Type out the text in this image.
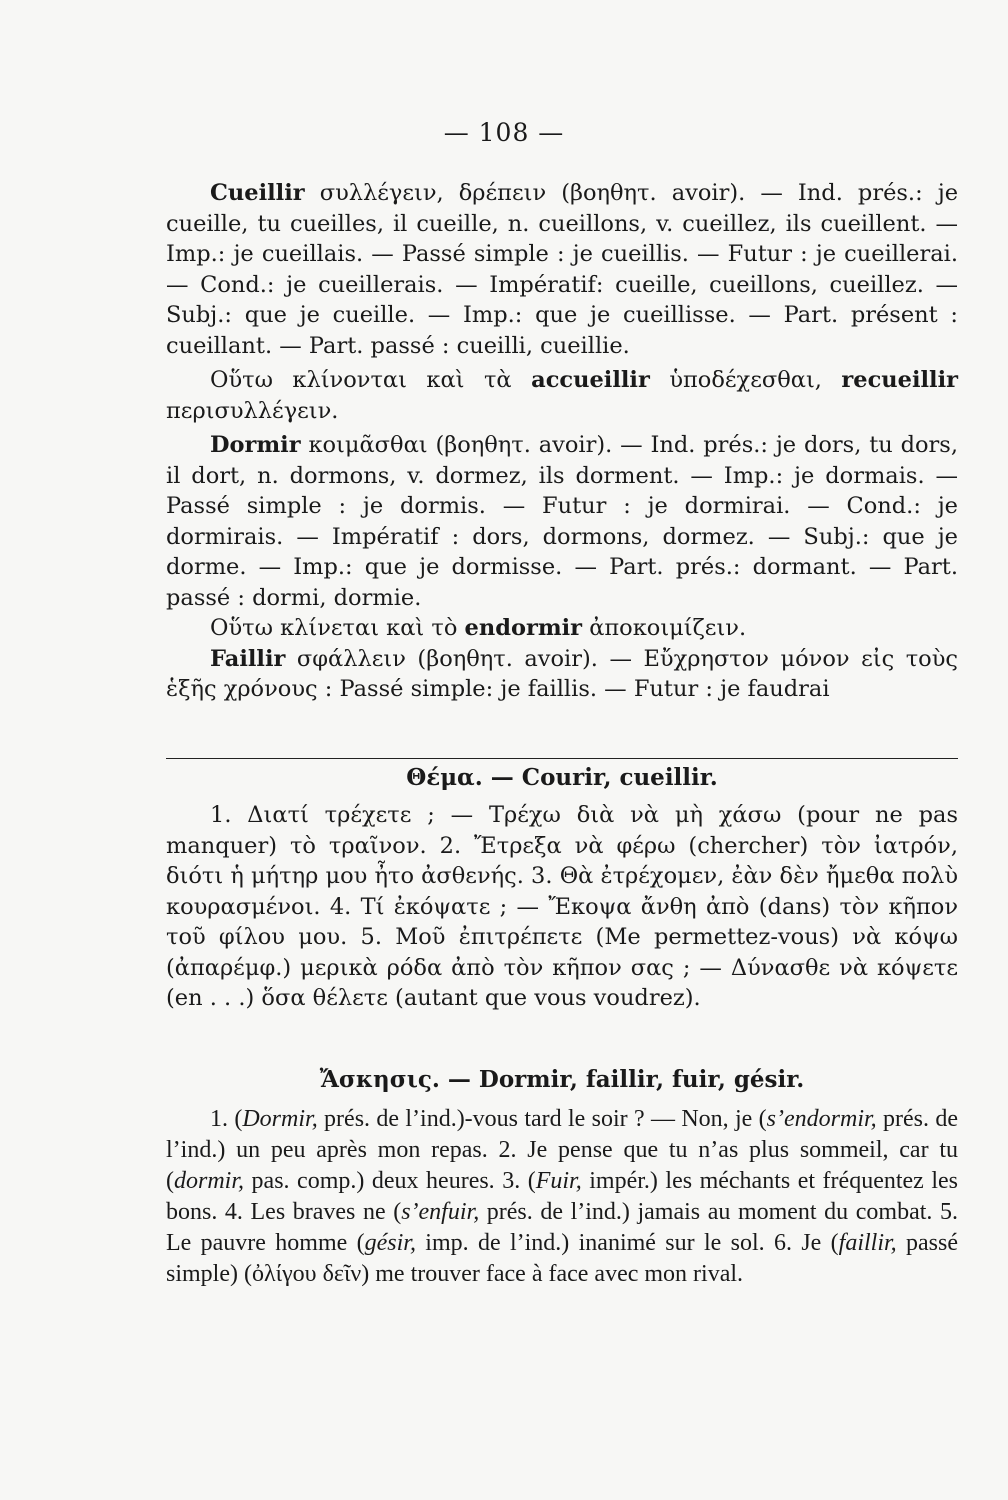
— 108 —

Cueillir συλλέγειν, δρέπειν (βοηθητ. avoir). — Ind. prés.: je cueille, tu cueilles, il cueille, n. cueillons, v. cueillez, ils cueillent. — Imp.: je cueillais. — Passé simple : je cueillis. — Futur : je cueillerai. — Cond.: je cueillerais. — Impératif: cueille, cueillons, cueillez. — Subj.: que je cueille. — Imp.: que je cueillisse. — Part. présent : cueillant. — Part. passé : cueilli, cueillie.

Οὕτω κλίνονται καὶ τὰ accueillir ὑποδέχεσθαι, recueillir περισυλλέγειν.

Dormir κοιμᾶσθαι (βοηθητ. avoir). — Ind. prés.: je dors, tu dors, il dort, n. dormons, v. dormez, ils dorment. — Imp.: je dormais. — Passé simple : je dormis. — Futur : je dormirai. — Cond.: je dormirais. — Impératif : dors, dormons, dormez. — Subj.: que je dorme. — Imp.: que je dormisse. — Part. prés.: dormant. — Part. passé : dormi, dormie.

Οὕτω κλίνεται καὶ τὸ endormir ἀποκοιμίζειν.

Faillir σφάλλειν (βοηθητ. avoir). — Εὔχρηστον μόνον εἰς τοὺς ἑξῆς χρόνους : Passé simple: je faillis. — Futur : je faudrai

Θέμα. — Courir, cueillir.

1. Διατί τρέχετε ; — Τρέχω διὰ νὰ μὴ χάσω (pour ne pas manquer) τὸ τραῖνον. 2. Ἔτρεξα νὰ φέρω (chercher) τὸν ἰατρόν, διότι ἡ μήτηρ μου ἦτο ἀσθενής. 3. Θὰ ἐτρέχομεν, ἐὰν δὲν ἤμεθα πολὺ κουρασμένοι. 4. Τί ἐκόψατε ; — Ἔκοψα ἄνθη ἀπὸ (dans) τὸν κῆπον τοῦ φίλου μου. 5. Μοῦ ἐπιτρέπετε (Me permettez-vous) νὰ κόψω (ἀπαρέμφ.) μερικὰ ρόδα ἀπὸ τὸν κῆπον σας ; — Δύνασθε νὰ κόψετε (en . . .) ὅσα θέλετε (autant que vous voudrez).

Ἄσκησις. — Dormir, faillir, fuir, gésir.

1. (Dormir, prés. de l’ind.)-vous tard le soir ? — Non, je (s’endormir, prés. de l’ind.) un peu après mon repas. 2. Je pense que tu n’as plus sommeil, car tu (dormir, pas. comp.) deux heures. 3. (Fuir, impér.) les méchants et fréquentez les bons. 4. Les braves ne (s’enfuir, prés. de l’ind.) jamais au moment du combat. 5. Le pauvre homme (gésir, imp. de l’ind.) inanimé sur le sol. 6. Je (faillir, passé simple) (ὀλίγου δεῖν) me trouver face à face avec mon rival.
